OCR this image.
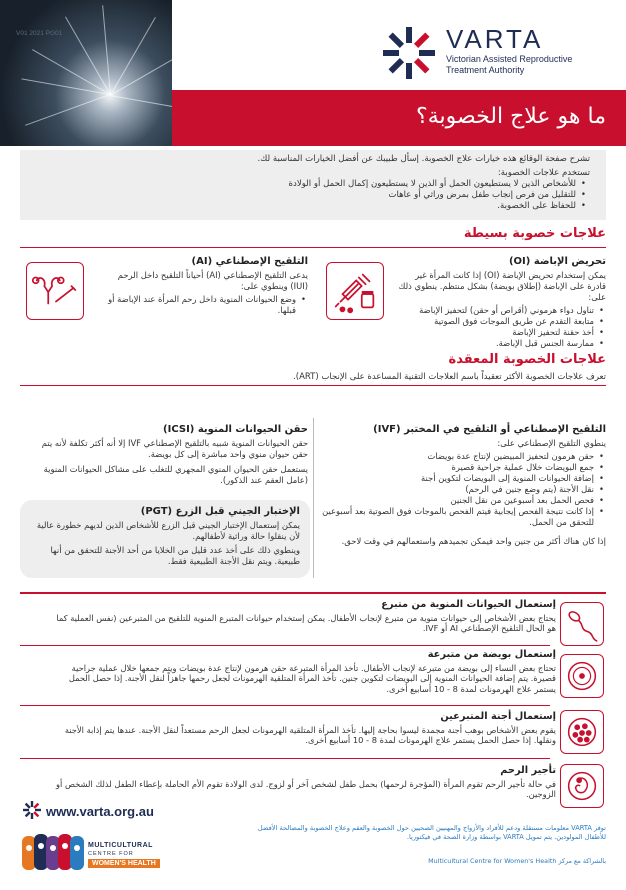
V01 2021 PG01	VARTA
Victorian Assisted Reproductive
Treatment Authority
ما هو علاج الخصوبة؟

تشرح صفحة الوقائع هذه خيارات علاج الخصوبة. إسأل طبيبك عن أفضل الخيارات المناسبة لك.

تستخدم علاجات الخصوبة:

• للأشخاص الذين لا يستطيعون الحمل أو الذين لا يستطيعون إكمال الحمل أو الولادة
• للتقليل من فرص إنجاب طفل بمرض وراثي أو عاهات
• للحفاظ على الخصوبة.
علاجات خصوبة بسيطة
تحريض الإباضة (OI)

يمكن إستخدام تحريض الإباضة (OI) إذا كانت المرأة غير قادرة على الإباضة (إطلاق بويضة) بشكل منتظم. ينطوي ذلك على:

• تناول دواء هرموني (أقراص أو حقن) لتحفيز الإباضة
• متابعة التقدم عن طريق الموجات فوق الصوتية
• أخذ حقنة لتحفيز الإباضة
• ممارسة الجنس قبل الإباضة.
التلقيح الإصطناعي (AI)

يدعى التلقيح الإصطناعي (AI) أحياناً التلقيح داخل الرحم (IUI) وينطوي على:

• وضع الحيوانات المنوية داخل رحم المرأة عند الإباضة أو قبلها.
علاجات الخصوبة المعقدة
تعرف علاجات الخصوبة الأكثر تعقيداً باسم العلاجات التقنية المساعدة على الإنجاب (ART).
التلقيح الإصطناعي أو التلقيح في المختبر (IVF)

ينطوي التلقيح الإصطناعي على:

• حقن هرمون لتحفيز المبيضين لإنتاج عدة بويضات
• جمع البويضات خلال عملية جراحية قصيرة
• إضافة الحيوانات المنوية إلى البويضات لتكوين أجنة
• نقل الأجنة (يتم وضع جنين في الرحم)
• فحص الحمل بعد أسبوعين من نقل الجنين
• إذا كانت نتيجة الفحص إيجابية فيتم الفحص بالموجات فوق الصوتية بعد أسبوعين للتحقق من الحمل.

إذا كان هناك أكثر من جنين واحد فيمكن تجميدهم واستعمالهم في وقت لاحق.

حقن الحيوانات المنوية (ICSI)

حقن الحيوانات المنوية شبيه بالتلقيح الإصطناعي IVF إلا أنه أكثر تكلفة لأنه يتم حقن حيوان منوي واحد مباشرة إلى كل بويضة.

يستعمل حقن الحيوان المنوي المجهري للتغلب على مشاكل الحيوانات المنوية (عامل العقم عند الذكور).

الإختبار الجيني قبل الزرع (PGT)

يمكن إستعمال الإختبار الجيني قبل الزرع للأشخاص الذين لديهم خطورة عالية لأن ينقلوا حالة وراثية لأطفالهم.

وينطوي ذلك على أخذ عدد قليل من الخلايا من أحد الأجنة للتحقق من أنها طبيعية. ويتم نقل الأجنة الطبيعية فقط.

إستعمال الحيوانات المنوية من متبرع

يحتاج بعض الأشخاص إلى حيوانات منوية من متبرع لإنجاب الأطفال. يمكن إستخدام حيوانات المتبرع المنوية للتلقيح من المتبرعين (نفس العملية كما هو الحال التلقيح الإصطناعي AI أو IVF.

إستعمال بويضة من متبرعة

تحتاج بعض النساء إلى بويضة من متبرعة لإنجاب الأطفال. تأخذ المرأة المتبرعة حقن هرمون لإنتاج عدة بويضات ويتم جمعها خلال عملية جراحية قصيرة. يتم إضافة الحيوانات المنوية إلى البويضات لتكوين جنين. تأخذ المرأة المتلقية الهرمونات لجعل رحمها جاهزاً لنقل الأجنة. إذا حصل الحمل يستمر علاج الهرمونات لمدة 8 - 10 أسابيع أخرى.

إستعمال أجنة المتبرعين

يقوم بعض الأشخاص بوهب أجنة مجمدة ليسوا بحاجة إليها. تأخذ المرأة المتلقية الهرمونات لجعل الرحم مستعداً لنقل الأجنة. عندها يتم إذابة الأجنة ونقلها. إذا حصل الحمل يستمر علاج الهرمونات لمدة 8 - 10 أسابيع أخرى.

تأجير الرحم

في حالة تأجير الرحم تقوم المرأة (المؤجرة لرحمها) بحمل طفل لشخص آخر أو لزوج. لدى الولادة تقوم الأم الحاملة بإعطاء الطفل لذلك الشخص أو الزوجين.

www.varta.org.au
توفر VARTA معلومات مستقلة ودعم للأفراد والأزواج والمهنيين الصحيين حول الخصوبة والعقم وعلاج الخصوبة والمصالحة الأفضل للأطفال المولودين. يتم تمويل VARTA بواسطة وزارة الصحة في فيكتوريا.
بالشراكة مع مركز Multicultural Centre for Women's Health
MULTICULTURAL
CENTRE FOR
WOMEN'S HEALTH
